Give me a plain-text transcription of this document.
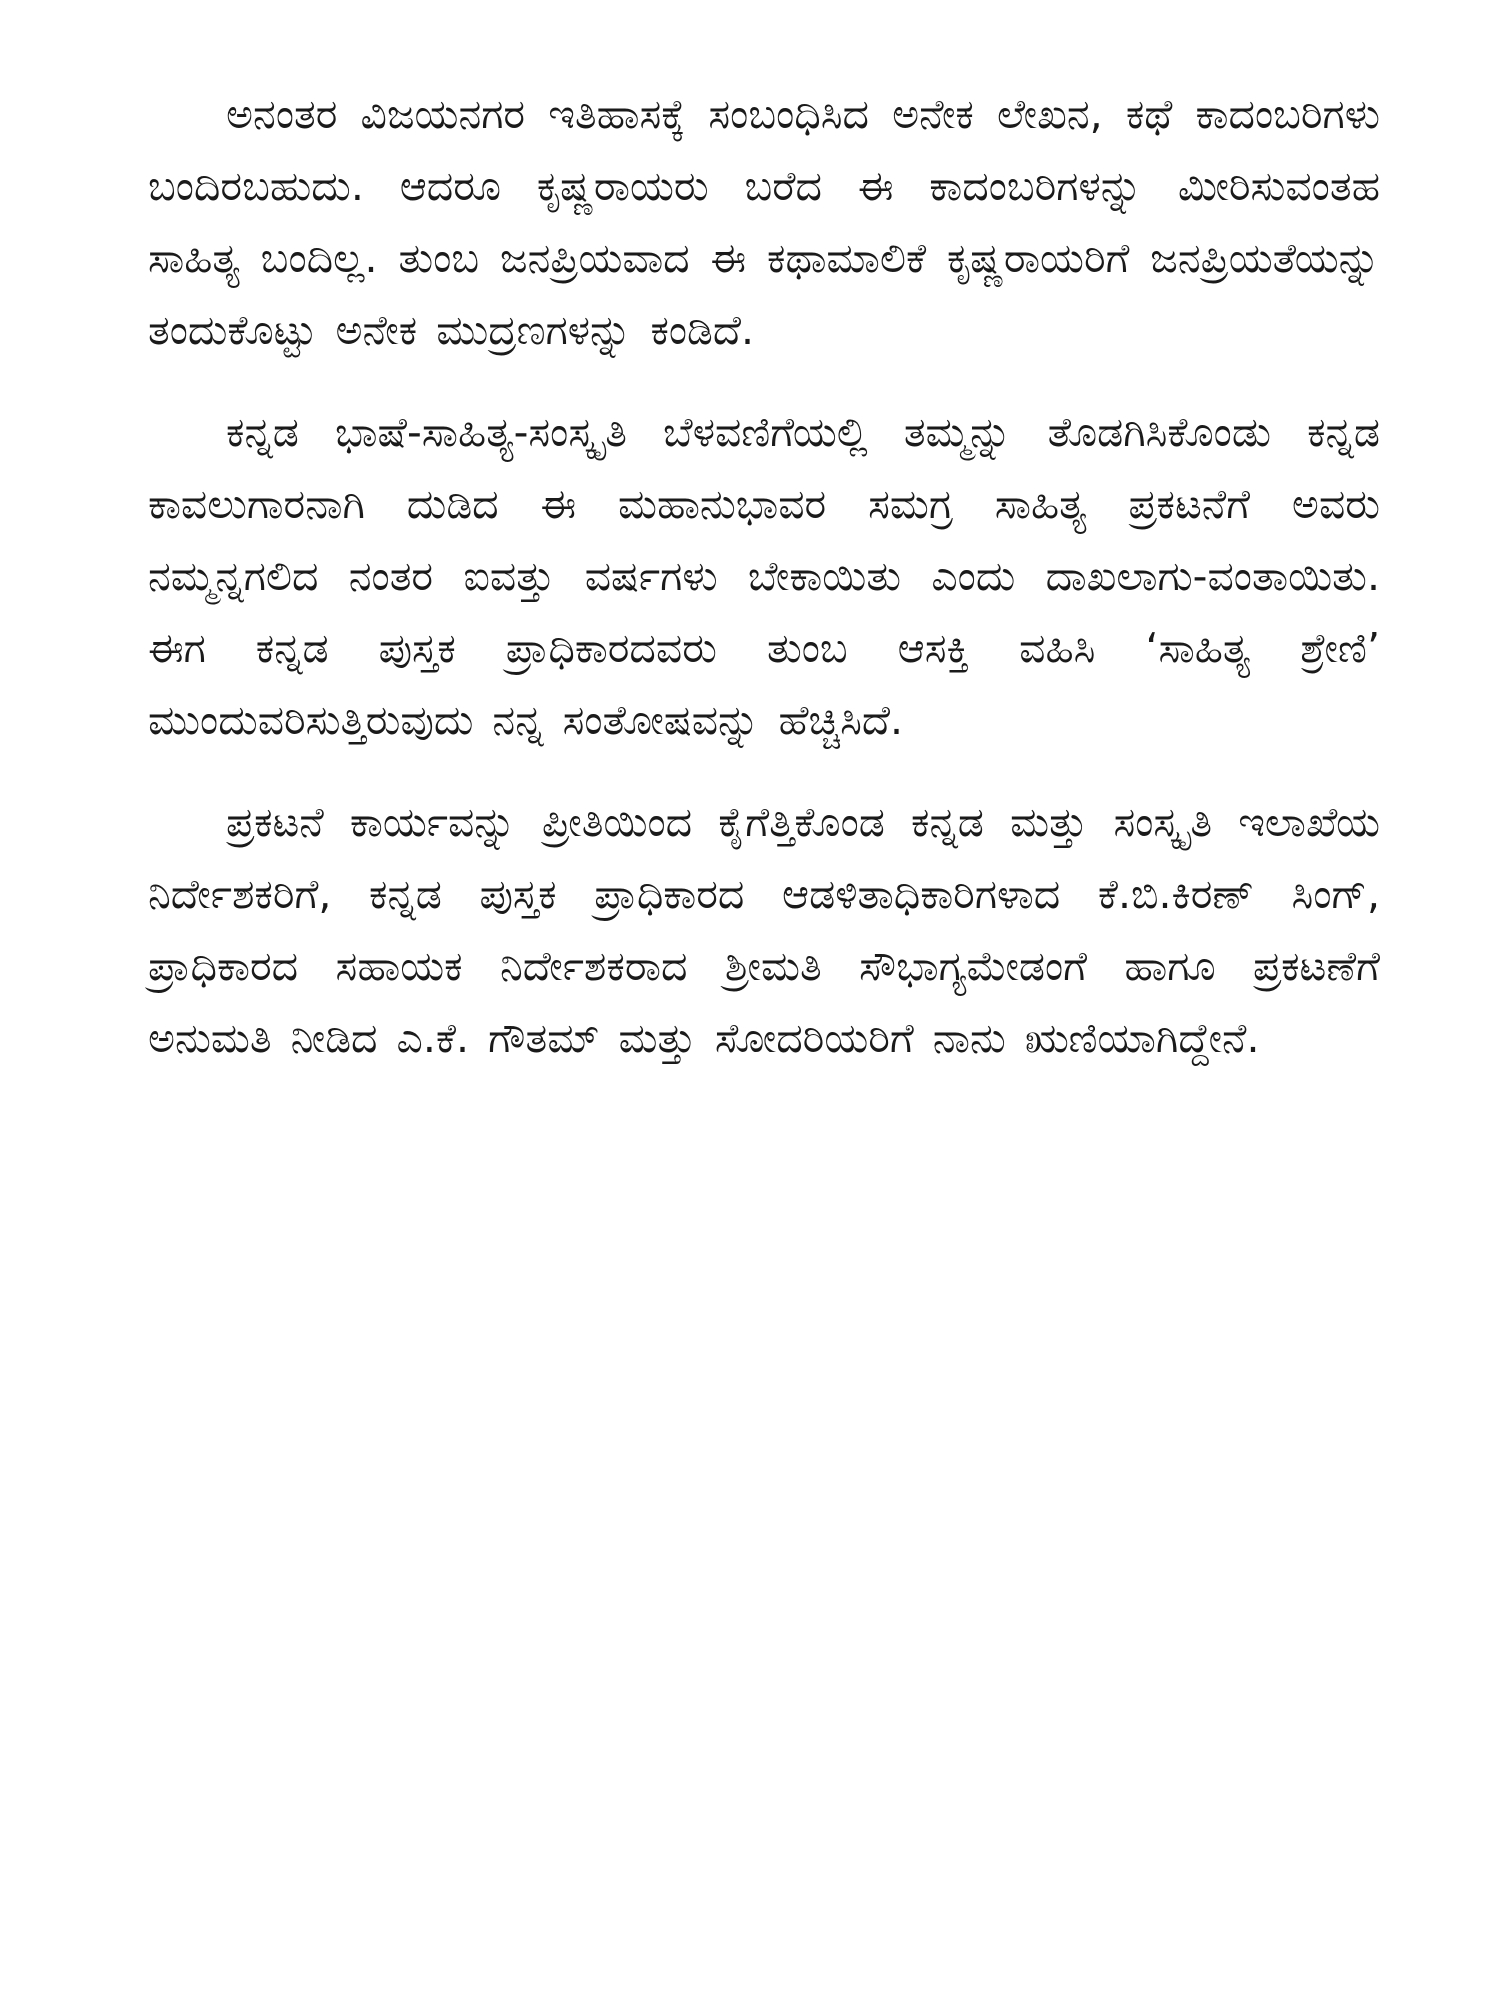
ಅನಂತರ ವಿಜಯನಗರ ಇತಿಹಾಸಕ್ಕೆ ಸಂಬಂಧಿಸಿದ ಅನೇಕ ಲೇಖನ, ಕಥೆ ಕಾದಂಬರಿಗಳು ಬಂದಿರಬಹುದು. ಆದರೂ ಕೃಷ್ಣರಾಯರು ಬರೆದ ಈ ಕಾದಂಬರಿಗಳನ್ನು ಮೀರಿಸುವಂತಹ ಸಾಹಿತ್ಯ ಬಂದಿಲ್ಲ. ತುಂಬ ಜನಪ್ರಿಯವಾದ ಈ ಕಥಾಮಾಲಿಕೆ ಕೃಷ್ಣರಾಯರಿಗೆ ಜನಪ್ರಿಯತೆಯನ್ನು ತಂದುಕೊಟ್ಟು ಅನೇಕ ಮುದ್ರಣಗಳನ್ನು ಕಂಡಿದೆ.

ಕನ್ನಡ ಭಾಷೆ-ಸಾಹಿತ್ಯ-ಸಂಸ್ಕೃತಿ ಬೆಳವಣಿಗೆಯಲ್ಲಿ ತಮ್ಮನ್ನು ತೊಡಗಿಸಿಕೊಂಡು ಕನ್ನಡ ಕಾವಲುಗಾರನಾಗಿ ದುಡಿದ ಈ ಮಹಾನುಭಾವರ ಸಮಗ್ರ ಸಾಹಿತ್ಯ ಪ್ರಕಟನೆಗೆ ಅವರು ನಮ್ಮನ್ನಗಲಿದ ನಂತರ ಐವತ್ತು ವರ್ಷಗಳು ಬೇಕಾಯಿತು ಎಂದು ದಾಖಲಾಗು-ವಂತಾಯಿತು. ಈಗ ಕನ್ನಡ ಪುಸ್ತಕ ಪ್ರಾಧಿಕಾರದವರು ತುಂಬ ಆಸಕ್ತಿ ವಹಿಸಿ ‘ಸಾಹಿತ್ಯ ಶ್ರೇಣಿ’ ಮುಂದುವರಿಸುತ್ತಿರುವುದು ನನ್ನ ಸಂತೋಷವನ್ನು ಹೆಚ್ಚಿಸಿದೆ.

ಪ್ರಕಟನೆ ಕಾರ್ಯವನ್ನು ಪ್ರೀತಿಯಿಂದ ಕೈಗೆತ್ತಿಕೊಂಡ ಕನ್ನಡ ಮತ್ತು ಸಂಸ್ಕೃತಿ ಇಲಾಖೆಯ ನಿರ್ದೇಶಕರಿಗೆ, ಕನ್ನಡ ಪುಸ್ತಕ ಪ್ರಾಧಿಕಾರದ ಆಡಳಿತಾಧಿಕಾರಿಗಳಾದ ಕೆ.ಬಿ.ಕಿರಣ್ ಸಿಂಗ್, ಪ್ರಾಧಿಕಾರದ ಸಹಾಯಕ ನಿರ್ದೇಶಕರಾದ ಶ್ರೀಮತಿ ಸೌಭಾಗ್ಯಮೇಡಂಗೆ ಹಾಗೂ ಪ್ರಕಟಣೆಗೆ ಅನುಮತಿ ನೀಡಿದ ಎ.ಕೆ. ಗೌತಮ್ ಮತ್ತು ಸೋದರಿಯರಿಗೆ ನಾನು ಋಣಿಯಾಗಿದ್ದೇನೆ.
